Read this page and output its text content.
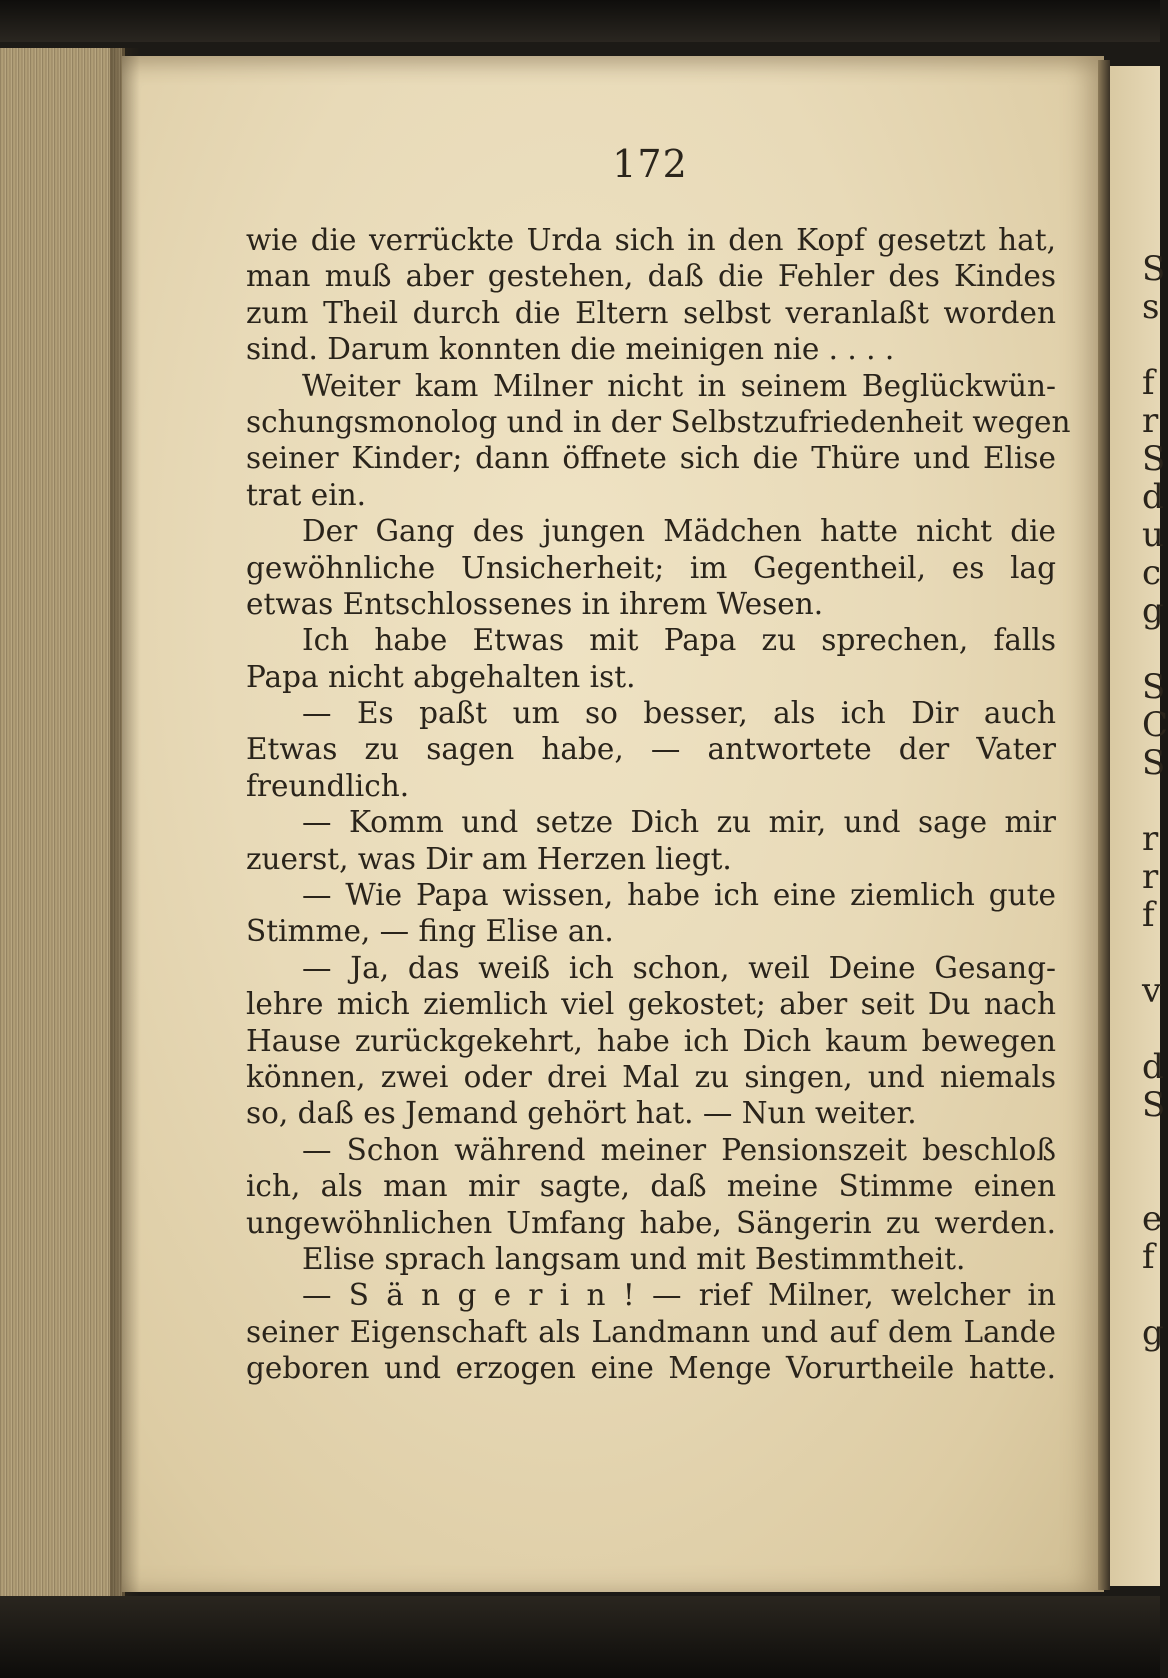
S
s
f
r
S
d
u
c
g
S
C
S
r
r
f
v
d
S
e
f
g
172
wie die verrückte Urda sich in den Kopf gesetzt hat,
man muß aber gestehen, daß die Fehler des Kindes
zum Theil durch die Eltern selbst veranlaßt worden
sind. Darum konnten die meinigen nie . . . .
Weiter kam Milner nicht in seinem Beglückwün-
schungsmonolog und in der Selbstzufriedenheit wegen
seiner Kinder; dann öffnete sich die Thüre und Elise
trat ein.
Der Gang des jungen Mädchen hatte nicht die
gewöhnliche Unsicherheit; im Gegentheil, es lag
etwas Entschlossenes in ihrem Wesen.
Ich habe Etwas mit Papa zu sprechen, falls
Papa nicht abgehalten ist.
— Es paßt um so besser, als ich Dir auch
Etwas zu sagen habe, — antwortete der Vater
freundlich.
— Komm und setze Dich zu mir, und sage mir
zuerst, was Dir am Herzen liegt.
— Wie Papa wissen, habe ich eine ziemlich gute
Stimme, — fing Elise an.
— Ja, das weiß ich schon, weil Deine Gesang-
lehre mich ziemlich viel gekostet; aber seit Du nach
Hause zurückgekehrt, habe ich Dich kaum bewegen
können, zwei oder drei Mal zu singen, und niemals
so, daß es Jemand gehört hat. — Nun weiter.
— Schon während meiner Pensionszeit beschloß
ich, als man mir sagte, daß meine Stimme einen
ungewöhnlichen Umfang habe, Sängerin zu werden.
Elise sprach langsam und mit Bestimmtheit.
— S ä n g e r i n ! — rief Milner, welcher in
seiner Eigenschaft als Landmann und auf dem Lande
geboren und erzogen eine Menge Vorurtheile hatte.
